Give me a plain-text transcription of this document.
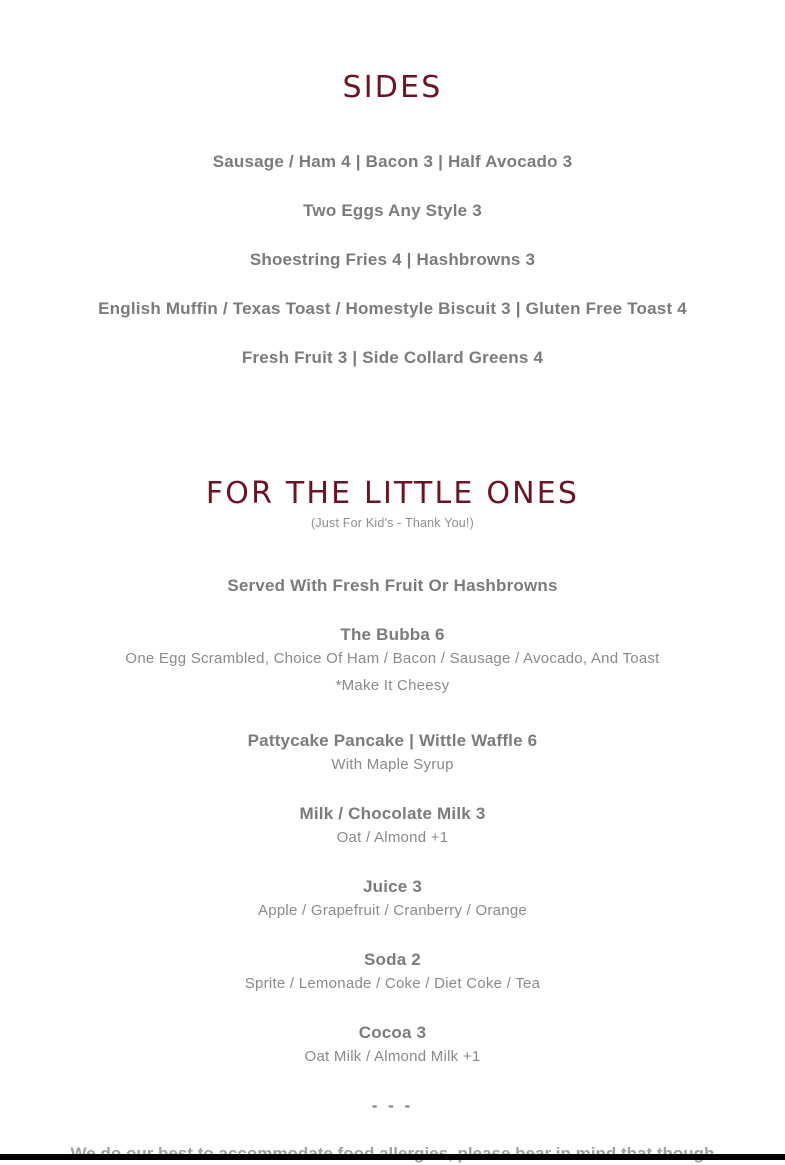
SIDES
Sausage / Ham 4 | Bacon 3 | Half Avocado 3
Two Eggs Any Style 3
Shoestring Fries 4 | Hashbrowns 3
English Muffin / Texas Toast / Homestyle Biscuit 3 | Gluten Free Toast 4
Fresh Fruit 3 | Side Collard Greens 4
FOR THE LITTLE ONES
(Just For Kid's - Thank You!)
Served With Fresh Fruit Or Hashbrowns
The Bubba 6
One Egg Scrambled, Choice Of Ham / Bacon / Sausage / Avocado, And Toast
*Make It Cheesy
Pattycake Pancake | Wittle Waffle 6
With Maple Syrup
Milk / Chocolate Milk 3
Oat / Almond +1
Juice 3
Apple / Grapefruit / Cranberry / Orange
Soda 2
Sprite / Lemonade / Coke / Diet Coke / Tea
Cocoa 3
Oat Milk / Almond Milk +1
- - -
